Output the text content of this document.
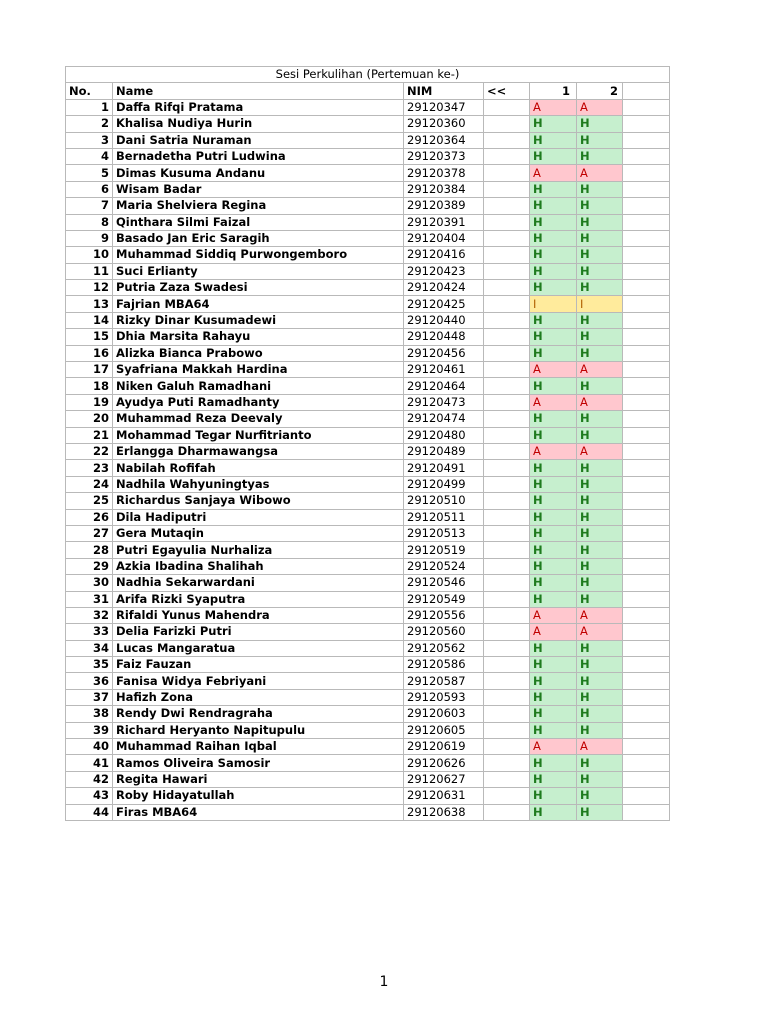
Sesi Perkulihan (Pertemuan ke-)						
No.	Name	NIM	<<	1	2	
1	Daffa Rifqi Pratama	29120347		A	A	
2	Khalisa Nudiya Hurin	29120360		H	H	
3	Dani Satria Nuraman	29120364		H	H	
4	Bernadetha Putri Ludwina	29120373		H	H	
5	Dimas Kusuma Andanu	29120378		A	A	
6	Wisam Badar	29120384		H	H	
7	Maria Shelviera Regina	29120389		H	H	
8	Qinthara Silmi Faizal	29120391		H	H	
9	Basado Jan Eric Saragih	29120404		H	H	
10	Muhammad Siddiq Purwongemboro	29120416		H	H	
11	Suci Erlianty	29120423		H	H	
12	Putria Zaza Swadesi	29120424		H	H	
13	Fajrian MBA64	29120425		I	I	
14	Rizky Dinar Kusumadewi	29120440		H	H	
15	Dhia Marsita Rahayu	29120448		H	H	
16	Alizka Bianca Prabowo	29120456		H	H	
17	Syafriana Makkah Hardina	29120461		A	A	
18	Niken Galuh Ramadhani	29120464		H	H	
19	Ayudya Puti Ramadhanty	29120473		A	A	
20	Muhammad Reza Deevaly	29120474		H	H	
21	Mohammad Tegar Nurfitrianto	29120480		H	H	
22	Erlangga Dharmawangsa	29120489		A	A	
23	Nabilah Rofifah	29120491		H	H	
24	Nadhila Wahyuningtyas	29120499		H	H	
25	Richardus Sanjaya Wibowo	29120510		H	H	
26	Dila Hadiputri	29120511		H	H	
27	Gera Mutaqin	29120513		H	H	
28	Putri Egayulia Nurhaliza	29120519		H	H	
29	Azkia Ibadina Shalihah	29120524		H	H	
30	Nadhia Sekarwardani	29120546		H	H	
31	Arifa Rizki Syaputra	29120549		H	H	
32	Rifaldi Yunus Mahendra	29120556		A	A	
33	Delia Farizki Putri	29120560		A	A	
34	Lucas Mangaratua	29120562		H	H	
35	Faiz Fauzan	29120586		H	H	
36	Fanisa Widya Febriyani	29120587		H	H	
37	Hafizh Zona	29120593		H	H	
38	Rendy Dwi Rendragraha	29120603		H	H	
39	Richard Heryanto Napitupulu	29120605		H	H	
40	Muhammad Raihan Iqbal	29120619		A	A	
41	Ramos Oliveira Samosir	29120626		H	H	
42	Regita Hawari	29120627		H	H	
43	Roby Hidayatullah	29120631		H	H	
44	Firas MBA64	29120638		H	H	
1
